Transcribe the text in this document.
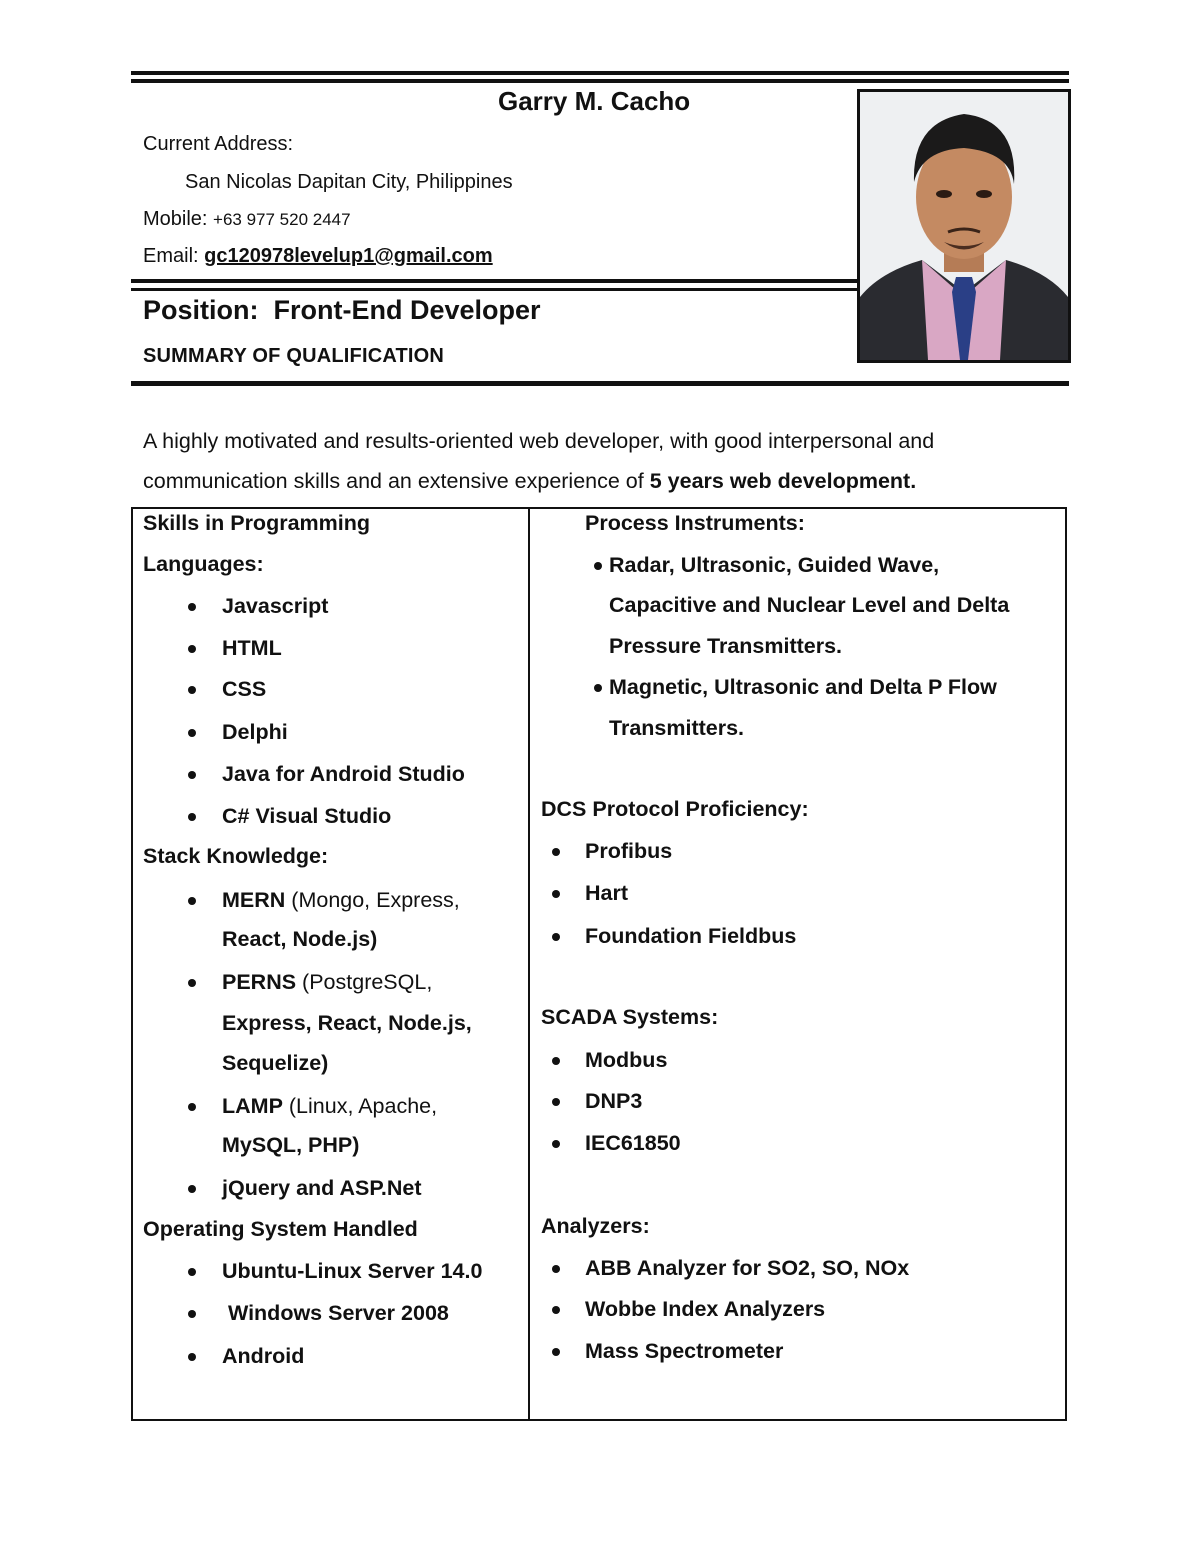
Garry M. Cacho
Current Address:
San Nicolas Dapitan City, Philippines
Mobile: +63 977 520 2447
Email: gc120978levelup1@gmail.com
Position:  Front-End Developer
SUMMARY OF QUALIFICATION
A highly motivated and results-oriented web developer, with good interpersonal and
communication skills and an extensive experience of 5 years web development.
Skills in Programming
Languages:
Javascript
HTML
CSS
Delphi
Java for Android Studio
C# Visual Studio
Stack Knowledge:
MERN (Mongo, Express,
React, Node.js)
PERNS (PostgreSQL,
Express, React, Node.js,
Sequelize)
LAMP (Linux, Apache,
MySQL, PHP)
jQuery and ASP.Net
Operating System Handled
Ubuntu-Linux Server 14.0
Windows Server 2008
Android
Process Instruments:
Radar, Ultrasonic, Guided Wave,
Capacitive and Nuclear Level and Delta
Pressure Transmitters.
Magnetic, Ultrasonic and Delta P Flow
Transmitters.
DCS Protocol Proficiency:
Profibus
Hart
Foundation Fieldbus
SCADA Systems:
Modbus
DNP3
IEC61850
Analyzers:
ABB Analyzer for SO2, SO, NOx
Wobbe Index Analyzers
Mass Spectrometer
